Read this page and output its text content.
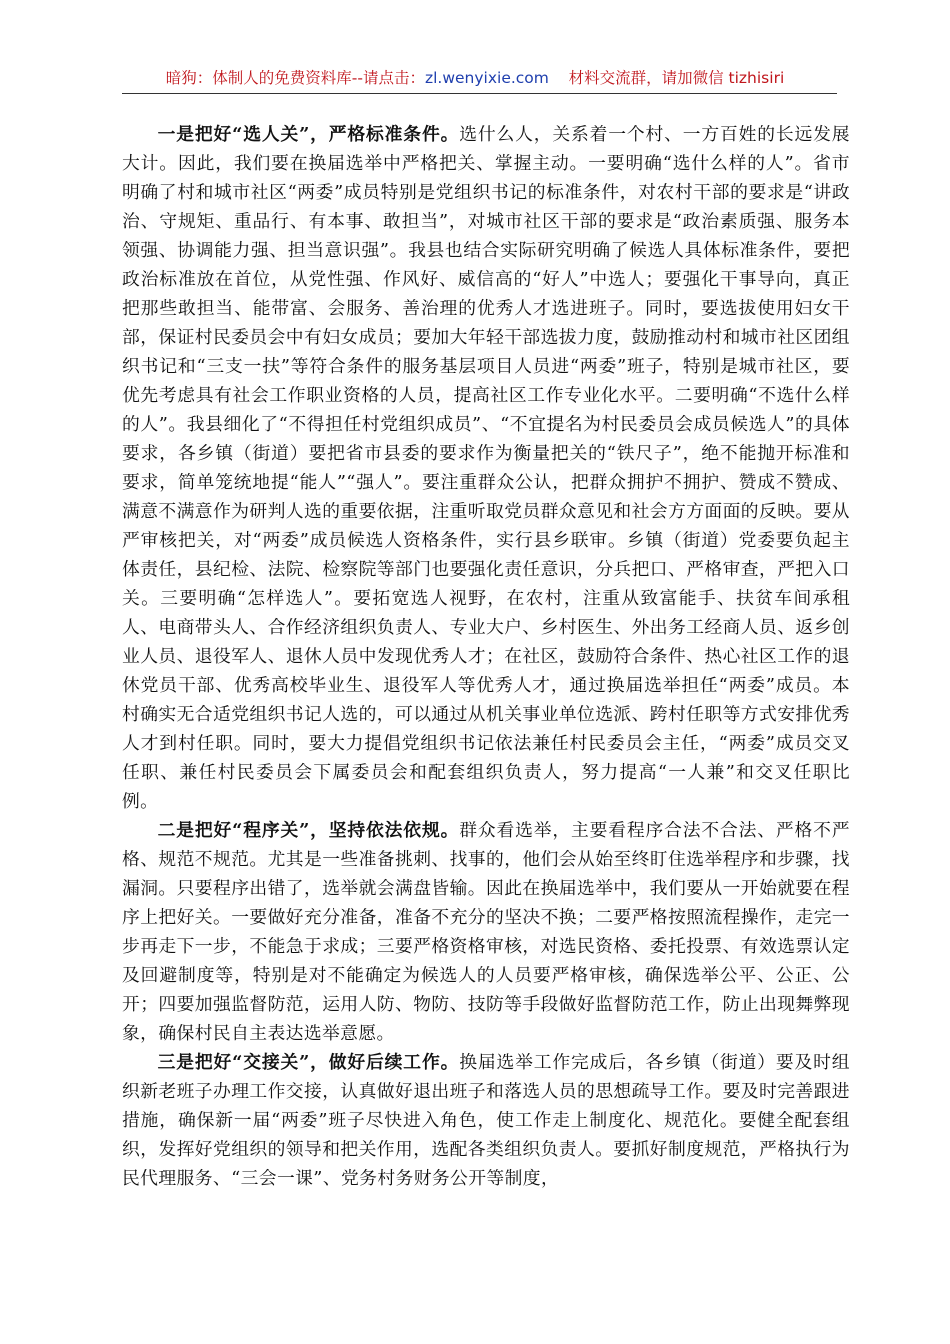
暗狗：体制人的免费资料库--请点击：zl.wenyixie.com 材料交流群，请加微信 tizhisiri

一是把好“选人关”，严格标准条件。选什么人，关系着一个村、一方百姓的长远发展大计。因此，我们要在换届选举中严格把关、掌握主动。一要明确“选什么样的人”。省市明确了村和城市社区“两委”成员特别是党组织书记的标准条件，对农村干部的要求是“讲政治、守规矩、重品行、有本事、敢担当”，对城市社区干部的要求是“政治素质强、服务本领强、协调能力强、担当意识强”。我县也结合实际研究明确了候选人具体标准条件，要把政治标准放在首位，从党性强、作风好、威信高的“好人”中选人；要强化干事导向，真正把那些敢担当、能带富、会服务、善治理的优秀人才选进班子。同时，要选拔使用妇女干部，保证村民委员会中有妇女成员；要加大年轻干部选拔力度，鼓励推动村和城市社区团组织书记和“三支一扶”等符合条件的服务基层项目人员进“两委”班子，特别是城市社区，要优先考虑具有社会工作职业资格的人员，提高社区工作专业化水平。二要明确“不选什么样的人”。我县细化了“不得担任村党组织成员”、“不宜提名为村民委员会成员候选人”的具体要求，各乡镇（街道）要把省市县委的要求作为衡量把关的“铁尺子”，绝不能抛开标准和要求，简单笼统地提“能人”“强人”。要注重群众公认，把群众拥护不拥护、赞成不赞成、满意不满意作为研判人选的重要依据，注重听取党员群众意见和社会方方面面的反映。要从严审核把关，对“两委”成员候选人资格条件，实行县乡联审。乡镇（街道）党委要负起主体责任，县纪检、法院、检察院等部门也要强化责任意识，分兵把口、严格审查，严把入口关。三要明确“怎样选人”。要拓宽选人视野，在农村，注重从致富能手、扶贫车间承租人、电商带头人、合作经济组织负责人、专业大户、乡村医生、外出务工经商人员、返乡创业人员、退役军人、退休人员中发现优秀人才；在社区，鼓励符合条件、热心社区工作的退休党员干部、优秀高校毕业生、退役军人等优秀人才，通过换届选举担任“两委”成员。本村确实无合适党组织书记人选的，可以通过从机关事业单位选派、跨村任职等方式安排优秀人才到村任职。同时，要大力提倡党组织书记依法兼任村民委员会主任，“两委”成员交叉任职、兼任村民委员会下属委员会和配套组织负责人，努力提高“一人兼”和交叉任职比例。

二是把好“程序关”，坚持依法依规。群众看选举，主要看程序合法不合法、严格不严格、规范不规范。尤其是一些准备挑刺、找事的，他们会从始至终盯住选举程序和步骤，找漏洞。只要程序出错了，选举就会满盘皆输。因此在换届选举中，我们要从一开始就要在程序上把好关。一要做好充分准备，准备不充分的坚决不换；二要严格按照流程操作，走完一步再走下一步，不能急于求成；三要严格资格审核，对选民资格、委托投票、有效选票认定及回避制度等，特别是对不能确定为候选人的人员要严格审核，确保选举公平、公正、公开；四要加强监督防范，运用人防、物防、技防等手段做好监督防范工作，防止出现舞弊现象，确保村民自主表达选举意愿。

三是把好“交接关”，做好后续工作。换届选举工作完成后，各乡镇（街道）要及时组织新老班子办理工作交接，认真做好退出班子和落选人员的思想疏导工作。要及时完善跟进措施，确保新一届“两委”班子尽快进入角色，使工作走上制度化、规范化。要健全配套组织，发挥好党组织的领导和把关作用，选配各类组织负责人。要抓好制度规范，严格执行为民代理服务、“三会一课”、党务村务财务公开等制度，
